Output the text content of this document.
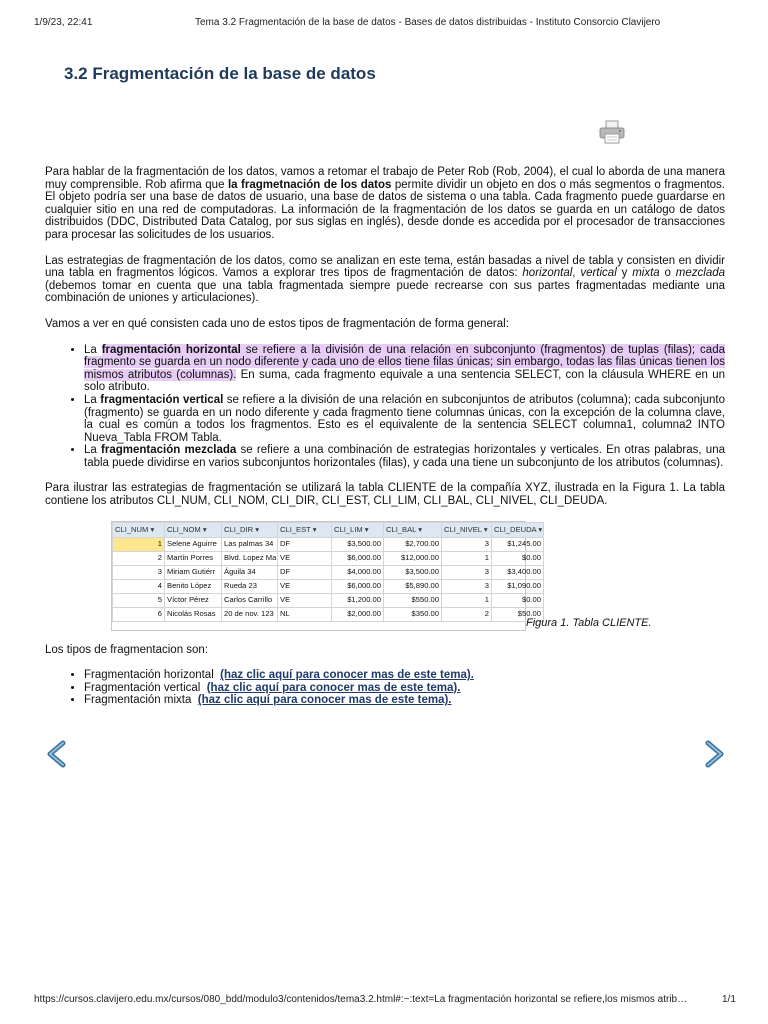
1/9/23, 22:41	Tema 3.2 Fragmentación de la base de datos - Bases de datos distribuidas - Instituto Consorcio Clavijero
3.2 Fragmentación de la base de datos

Para hablar de la fragmentación de los datos, vamos a retomar el trabajo de Peter Rob (Rob, 2004), el cual lo aborda de una manera muy comprensible. Rob afirma que la fragmetnación de los datos permite dividir un objeto en dos o más segmentos o fragmentos. El objeto podría ser una base de datos de usuario, una base de datos de sistema o una tabla. Cada fragmento puede guardarse en cualquier sitio en una red de computadoras. La información de la fragmentación de los datos se guarda en un catálogo de datos distribuidos (DDC, Distributed Data Catalog, por sus siglas en inglés), desde donde es accedida por el procesador de transacciones para procesar las solicitudes de los usuarios.

Las estrategias de fragmentación de los datos, como se analizan en este tema, están basadas a nivel de tabla y consisten en dividir una tabla en fragmentos lógicos. Vamos a explorar tres tipos de fragmentación de datos: horizontal, vertical y mixta o mezclada (debemos tomar en cuenta que una tabla fragmentada siempre puede recrearse con sus partes fragmentadas mediante una combinación de uniones y articulaciones).

Vamos a ver en qué consisten cada uno de estos tipos de fragmentación de forma general:

• La fragmentación horizontal se refiere a la división de una relación en subconjunto (fragmentos) de tuplas (filas); cada fragmento se guarda en un nodo diferente y cada uno de ellos tiene filas únicas; sin embargo, todas las filas únicas tienen los mismos atributos (columnas). En suma, cada fragmento equivale a una sentencia SELECT, con la cláusula WHERE en un solo atributo.
• La fragmentación vertical se refiere a la división de una relación en subconjuntos de atributos (columna); cada subconjunto (fragmento) se guarda en un nodo diferente y cada fragmento tiene columnas únicas, con la excepción de la columna clave, la cual es común a todos los fragmentos. Esto es el equivalente de la sentencia SELECT columna1, columna2 INTO Nueva_Tabla FROM Tabla.
• La fragmentación mezclada se refiere a una combinación de estrategias horizontales y verticales. En otras palabras, una tabla puede dividirse en varios subconjuntos horizontales (filas), y cada una tiene un subconjunto de los atributos (columnas).

Para ilustrar las estrategias de fragmentación se utilizará la tabla CLIENTE de la compañía XYZ, ilustrada en la Figura 1. La tabla contiene los atributos CLI_NUM, CLI_NOM, CLI_DIR, CLI_EST, CLI_LIM, CLI_BAL, CLI_NIVEL, CLI_DEUDA.

CLI_NUM ▾	CLI_NOM ▾	CLI_DIR ▾	CLI_EST ▾	CLI_LIM ▾	CLI_BAL ▾	CLI_NIVEL ▾	CLI_DEUDA ▾
1	Selene Aguirre	Las palmas 34	DF	$3,500.00	$2,700.00	3	$1,245.00
2	Martín Porres	Blvd. Lopez Ma	VE	$6,000.00	$12,000.00	1	$0.00
3	Miriam Gutiérr	Águila 34	DF	$4,000.00	$3,500.00	3	$3,400.00
4	Benito López	Rueda 23	VE	$6,000.00	$5,890.00	3	$1,090.00
5	Víctor Pérez	Carlos Carrillo	VE	$1,200.00	$550.00	1	$0.00
6	Nicolás Rosas	20 de nov. 123	NL	$2,000.00	$350.00	2	$50.00
Figura 1. Tabla CLIENTE.

Los tipos de fragmentacion son:

• Fragmentación horizontal (haz clic aquí para conocer mas de este tema).
• Fragmentación vertical (haz clic aquí para conocer mas de este tema).
• Fragmentación mixta (haz clic aquí para conocer mas de este tema).
https://cursos.clavijero.edu.mx/cursos/080_bdd/modulo3/contenidos/tema3.2.html#:~:text=La fragmentación horizontal se refiere,los mismos atrib…	1/1
